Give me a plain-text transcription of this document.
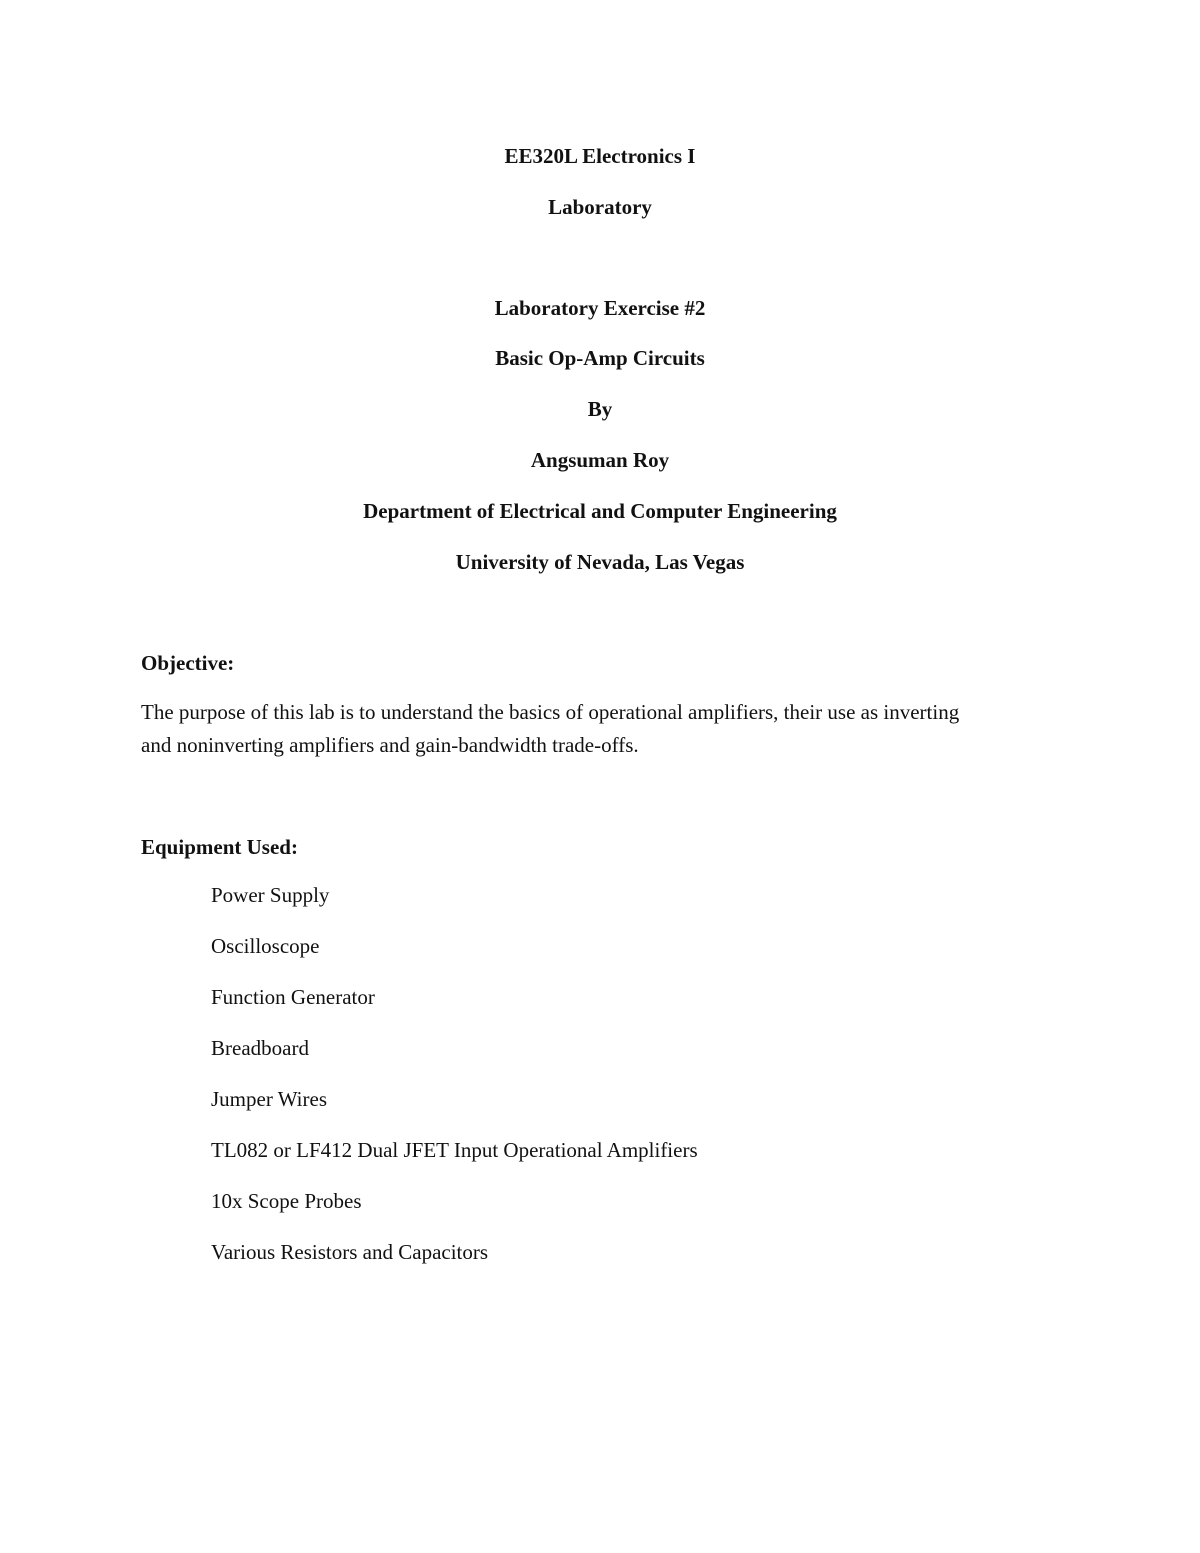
EE320L Electronics I
Laboratory
Laboratory Exercise #2
Basic Op-Amp Circuits
By
Angsuman Roy
Department of Electrical and Computer Engineering
University of Nevada, Las Vegas
Objective:
The purpose of this lab is to understand the basics of operational amplifiers, their use as inverting
and noninverting amplifiers and gain-bandwidth trade-offs.
Equipment Used:
Power Supply
Oscilloscope
Function Generator
Breadboard
Jumper Wires
TL082 or LF412 Dual JFET Input Operational Amplifiers
10x Scope Probes
Various Resistors and Capacitors
